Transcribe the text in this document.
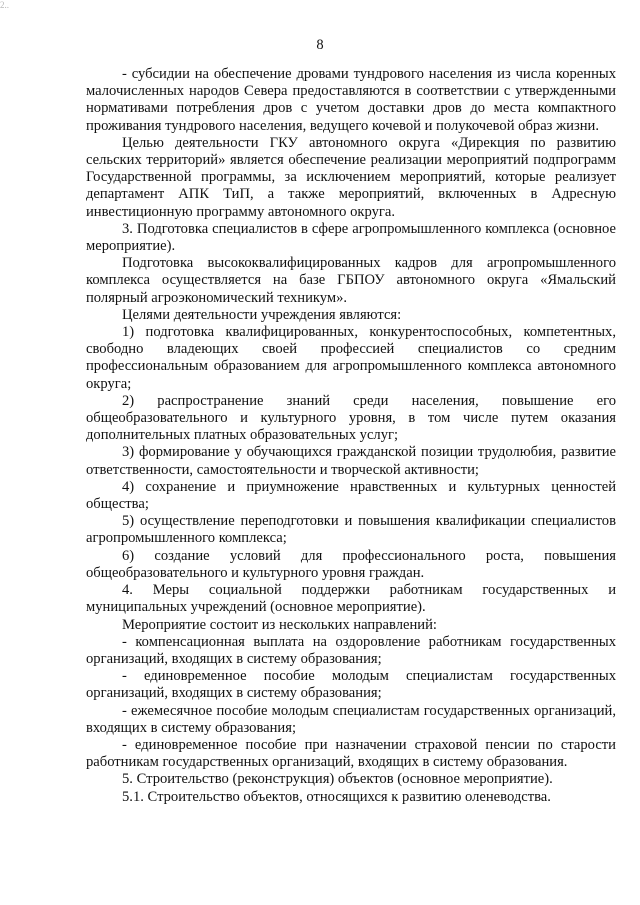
2..
8

- субсидии на обеспечение дровами тундрового населения из числа коренных малочисленных народов Севера предоставляются в соответствии с утвержденными нормативами потребления дров с учетом доставки дров до места компактного проживания тундрового населения, ведущего кочевой и полукочевой образ жизни.

Целью деятельности ГКУ автономного округа «Дирекция по развитию сельских территорий» является обеспечение реализации мероприятий подпрограмм Государственной программы, за исключением мероприятий, которые реализует департамент АПК ТиП, а также мероприятий, включенных в Адресную инвестиционную программу автономного округа.

3. Подготовка специалистов в сфере агропромышленного комплекса (основное мероприятие).

Подготовка высококвалифицированных кадров для агропромышленного комплекса осуществляется на базе ГБПОУ автономного округа «Ямальский полярный агроэкономический техникум».

Целями деятельности учреждения являются:

1) подготовка квалифицированных, конкурентоспособных, компетентных, свободно владеющих своей профессией специалистов со средним профессиональным образованием для агропромышленного комплекса автономного округа;

2) распространение знаний среди населения, повышение его общеобразовательного и культурного уровня, в том числе путем оказания дополнительных платных образовательных услуг;

3) формирование у обучающихся гражданской позиции трудолюбия, развитие ответственности, самостоятельности и творческой активности;

4) сохранение и приумножение нравственных и культурных ценностей общества;

5) осуществление переподготовки и повышения квалификации специалистов агропромышленного комплекса;

6) создание условий для профессионального роста, повышения общеобразовательного и культурного уровня граждан.

4. Меры социальной поддержки работникам государственных и муниципальных учреждений (основное мероприятие).

Мероприятие состоит из нескольких направлений:

- компенсационная выплата на оздоровление работникам государственных организаций, входящих в систему образования;

- единовременное пособие молодым специалистам государственных организаций, входящих в систему образования;

- ежемесячное пособие молодым специалистам государственных организаций, входящих в систему образования;

- единовременное пособие при назначении страховой пенсии по старости работникам государственных организаций, входящих в систему образования.

5. Строительство (реконструкция) объектов (основное мероприятие).

5.1. Строительство объектов, относящихся к развитию оленеводства.
